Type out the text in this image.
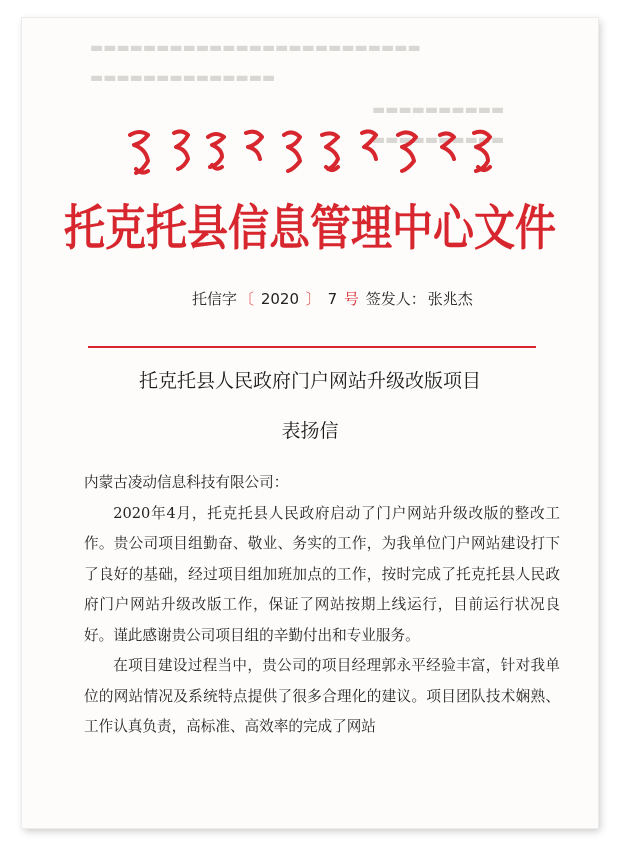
▬▬▬▬▬▬▬▬▬▬▬▬▬▬▬▬▬▬▬▬▬▬▬▬▬
▬▬▬▬▬▬▬▬▬▬▬▬▬▬
▬▬▬▬▬▬▬▬▬▬
▬▬▬▬▬▬▬▬▬▬
托克托县信息管理中心文件
托信字 〔 2020 〕 7 号 签发人： 张兆杰
托克托县人民政府门户网站升级改版项目
表扬信

内蒙古凌动信息科技有限公司：

2020年4月，托克托县人民政府启动了门户网站升级改版的整改工作。贵公司项目组勤奋、敬业、务实的工作，为我单位门户网站建设打下了良好的基础，经过项目组加班加点的工作，按时完成了托克托县人民政府门户网站升级改版工作，保证了网站按期上线运行，目前运行状况良好。谨此感谢贵公司项目组的辛勤付出和专业服务。

在项目建设过程当中，贵公司的项目经理郭永平经验丰富，针对我单位的网站情况及系统特点提供了很多合理化的建议。项目团队技术娴熟、工作认真负责，高标准、高效率的完成了网站
